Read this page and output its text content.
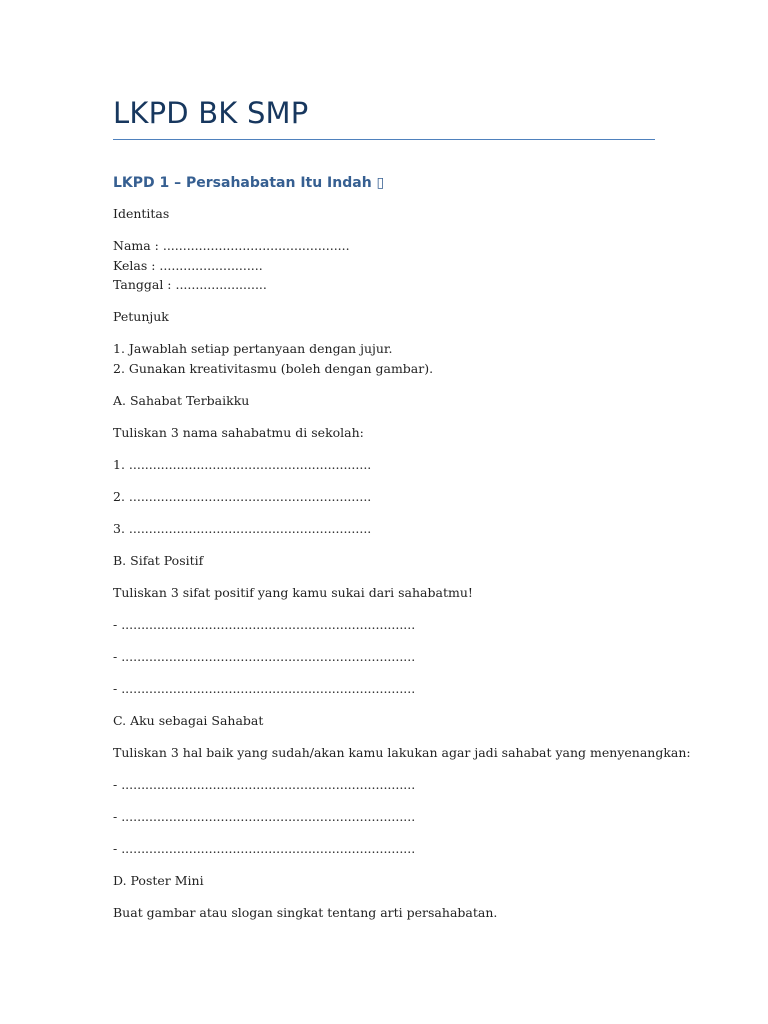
LKPD BK SMP
LKPD 1 – Persahabatan Itu Indah ▯

Identitas

Nama : ...............................................

Kelas : ..........................

Tanggal : .......................

Petunjuk

1. Jawablah setiap pertanyaan dengan jujur.

2. Gunakan kreativitasmu (boleh dengan gambar).

A. Sahabat Terbaikku

Tuliskan 3 nama sahabatmu di sekolah:

1. .............................................................

2. .............................................................

3. .............................................................

B. Sifat Positif

Tuliskan 3 sifat positif yang kamu sukai dari sahabatmu!

- ..........................................................................

- ..........................................................................

- ..........................................................................

C. Aku sebagai Sahabat

Tuliskan 3 hal baik yang sudah/akan kamu lakukan agar jadi sahabat yang menyenangkan:

- ..........................................................................

- ..........................................................................

- ..........................................................................

D. Poster Mini

Buat gambar atau slogan singkat tentang arti persahabatan.
